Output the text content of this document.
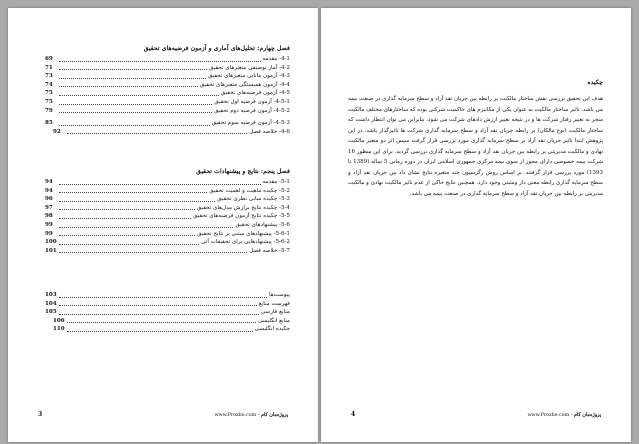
فصل چهارم: تحلیل‌های آماری و آزمون فرضیه‌های تحقیق
4-1- مقدمه
69
4-2- آمار توصیفی متغیرهای تحقیق
71
4-3- آزمون مانایی متغیرهای تحقیق
73
4-4- آزمون همبستگی متغیرهای تحقیق
74
4-5- آزمون فرضیه‌های تحقیق
75
4-5-1- آزمون فرضیه اول تحقیق
75
4-5-2- آزمون فرضیه دوم تحقیق
79
4-5-3- آزمون فرضیه سوم تحقیق
85
4-6- خلاصه فصل
92
فصل پنجم: نتایج و پیشنهادات تحقیق
5-1- مقدمه
94
5-2- چکیده ماهیت و اهمیت تحقیق
94
5-3- چکیده مبانی نظری تحقیق
96
5-4- چکیده نتایج برازش مدل‌های تحقیق
97
5-5- چکیده نتایج آزمون فرضیه‌های تحقیق
98
5-6- پیشنهادهای تحقیق
99
5-6-1- پیشنهادهای مبتنی بر نتایج تحقیق
99
5-6-2- پیشنهادهایی برای تحقیقات آتی
100
5-7- خلاصه فصل
101
پیوست‌ها
103
فهرست منابع
104
منابع فارسی
105
منابع انگلیسی
106
چکیده انگلیسی
110
3	www.Prozhe.com - پروژه‌مان کام
چکیده
هدف این تحقیق بررسی نقش ساختار مالکیت بر رابطه بین جریان نقد آزاد و سطح سرمایه گذاری در صنعت بیمه می باشد. تاثیر ساختار مالکیت به عنوان یکی از مکانیزم های حاکمیت شرکتی بوده که ساختارهای مختلف مالکیت منجر به تغییر رفتار شرکت ها و در نتیجه تغییر ارزش دادهای شرکت می شود. بنابراین می توان انتظار داشت که ساختار مالکیت (نوع مالکان) بر رابطه جریان نقد آزاد و سطح سرمایه گذاری شرکت ها تاثیرگذار باشد. در این پژوهش ابتدا تاثیر جریان نقد آزاد بر سطح سرمایه گذاری مورد بررسی قرار گرفت سپس اثر دو متغیر مالکیت نهادی و مالکیت مدیریتی بر رابطه بین جریان نقد آزاد و سطح سرمایه گذاری بررسی گردید. برای این منظور 16 شرکت بیمه خصوصی دارای مجوز از سوی بیمه مرکزی جمهوری اسلامی ایران در دوره زمانی 5 ساله (1389 تا 1393) مورد بررسی قرار گرفتند. بر اساس روش رگرسیون چند متغیره نتایج نشان داد بین جریان نقد آزاد و سطح سرمایه گذاری رابطه معنی دار ومثبتی وجود دارد. همچنین نتایج حاکی از عدم تاثیر مالکیت نهادی و مالکیت مدیریتی بر رابطه بین جریان نقد آزاد و سطح سرمایه گذاری در صنعت بیمه می باشد.
4	www.Prozhe.com - پروژه‌مان کام
